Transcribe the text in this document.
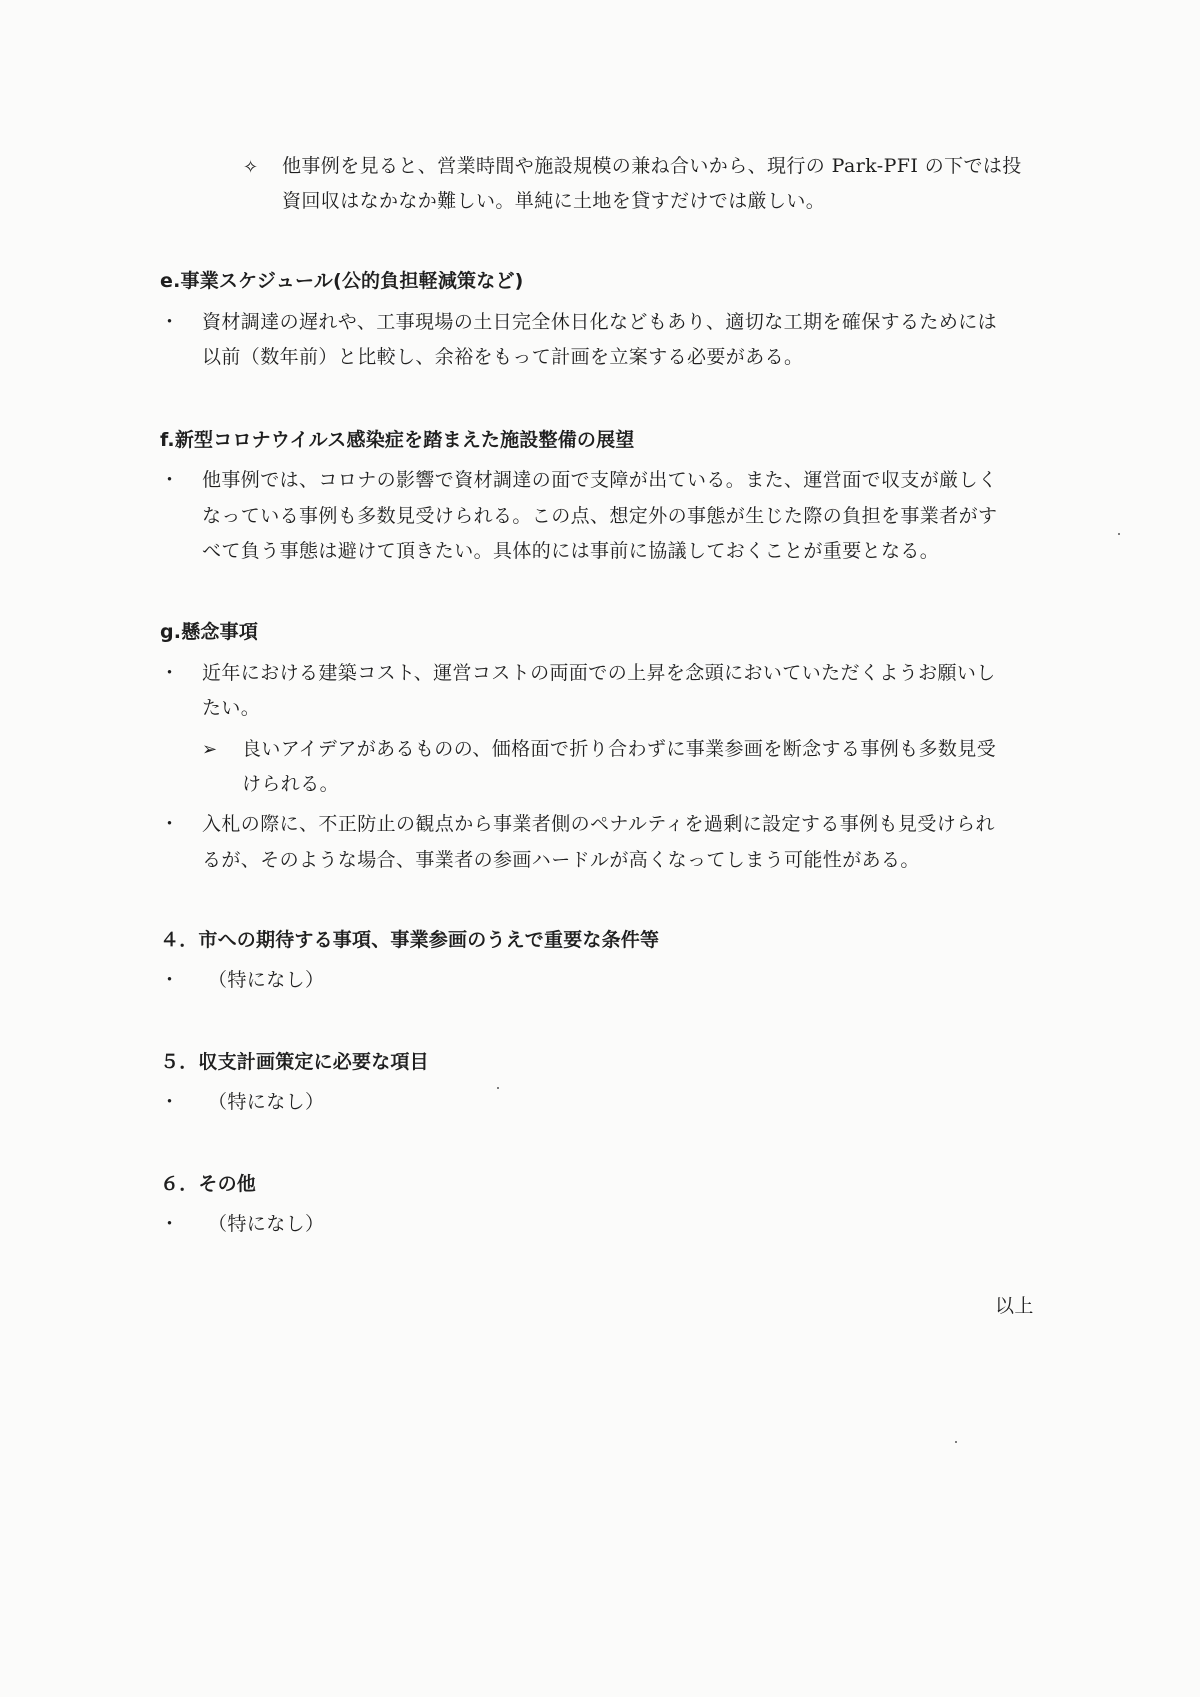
✧ 他事例を見ると、営業時間や施設規模の兼ね合いから、現行の Park-PFI の下では投
資回収はなかなか難しい。単純に土地を貸すだけでは厳しい。
e.事業スケジュール(公的負担軽減策など)
・ 資材調達の遅れや、工事現場の土日完全休日化などもあり、適切な工期を確保するためには
以前（数年前）と比較し、余裕をもって計画を立案する必要がある。
f.新型コロナウイルス感染症を踏まえた施設整備の展望
・ 他事例では、コロナの影響で資材調達の面で支障が出ている。また、運営面で収支が厳しく
なっている事例も多数見受けられる。この点、想定外の事態が生じた際の負担を事業者がす
べて負う事態は避けて頂きたい。具体的には事前に協議しておくことが重要となる。
g.懸念事項
・ 近年における建築コスト、運営コストの両面での上昇を念頭においていただくようお願いし
たい。
➢ 良いアイデアがあるものの、価格面で折り合わずに事業参画を断念する事例も多数見受
けられる。
・ 入札の際に、不正防止の観点から事業者側のペナルティを過剰に設定する事例も見受けられ
るが、そのような場合、事業者の参画ハードルが高くなってしまう可能性がある。
４．市への期待する事項、事業参画のうえで重要な条件等
・ （特になし）
５．収支計画策定に必要な項目
・ （特になし）
６．その他
・ （特になし）
以上
